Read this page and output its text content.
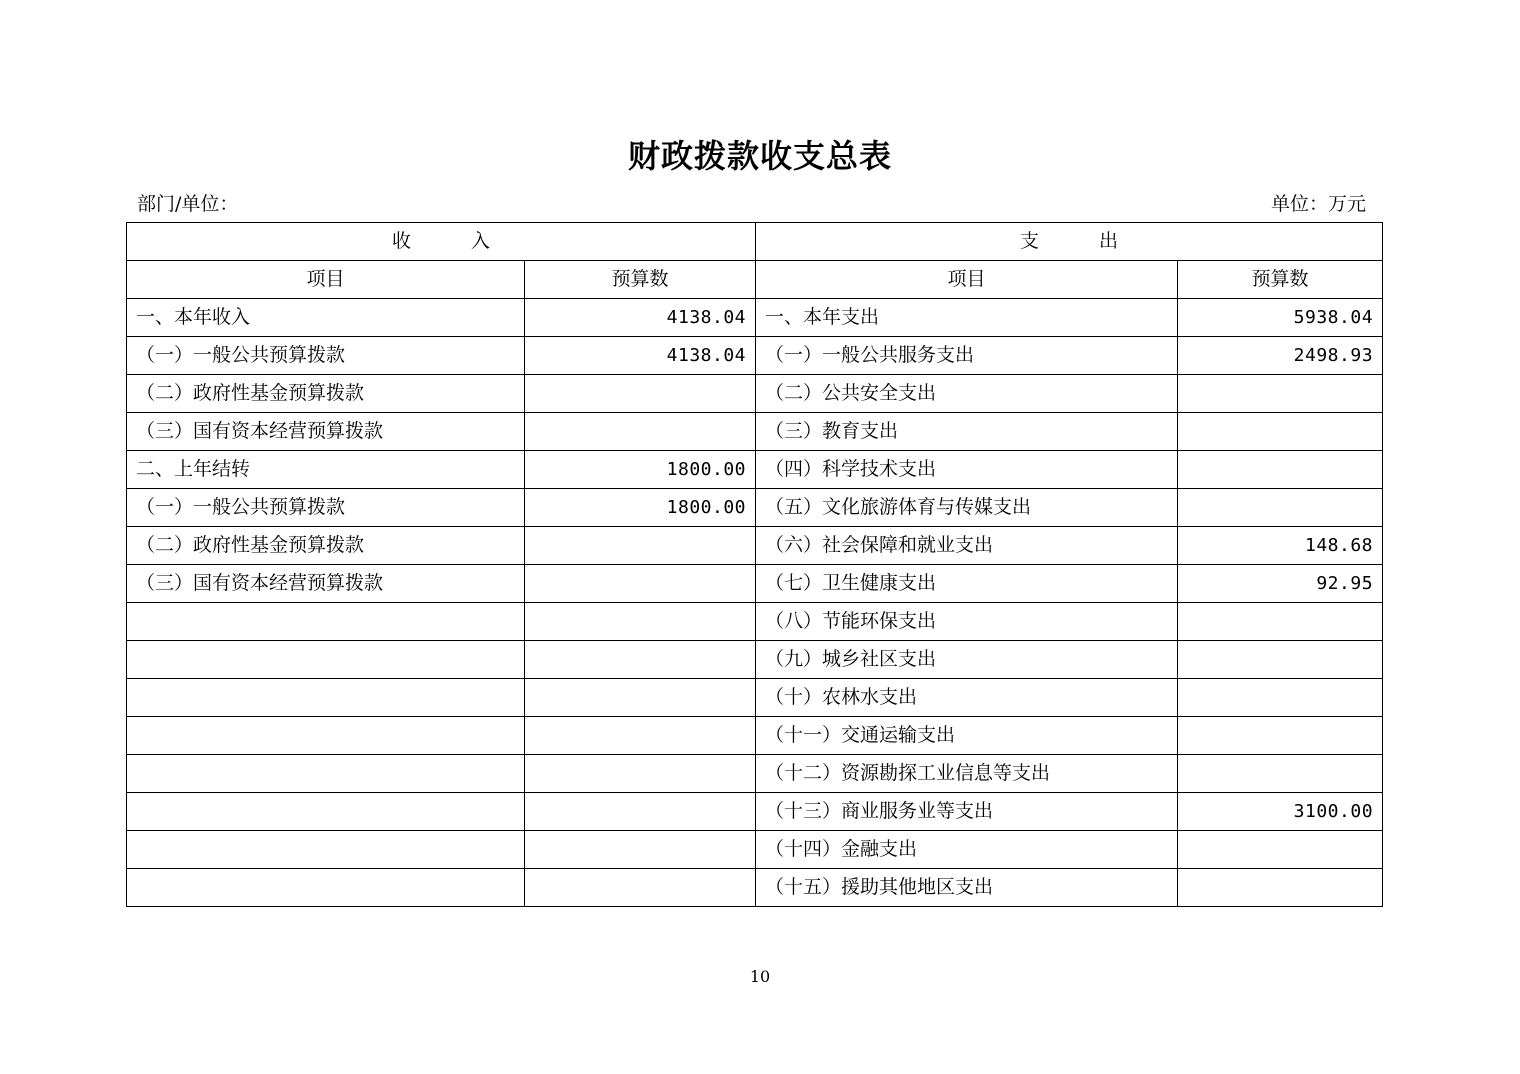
财政拨款收支总表
部门/单位：	单位：万元
收入		支出	
项目	预算数	项目	预算数
一、本年收入	4138.04	一、本年支出	5938.04
（一）一般公共预算拨款	4138.04	（一）一般公共服务支出	2498.93
（二）政府性基金预算拨款		（二）公共安全支出	
（三）国有资本经营预算拨款		（三）教育支出	
二、上年结转	1800.00	（四）科学技术支出	
（一）一般公共预算拨款	1800.00	（五）文化旅游体育与传媒支出	
（二）政府性基金预算拨款		（六）社会保障和就业支出	148.68
（三）国有资本经营预算拨款		（七）卫生健康支出	92.95
		（八）节能环保支出	
		（九）城乡社区支出	
		（十）农林水支出	
		（十一）交通运输支出	
		（十二）资源勘探工业信息等支出	
		（十三）商业服务业等支出	3100.00
		（十四）金融支出	
		（十五）援助其他地区支出	
10
